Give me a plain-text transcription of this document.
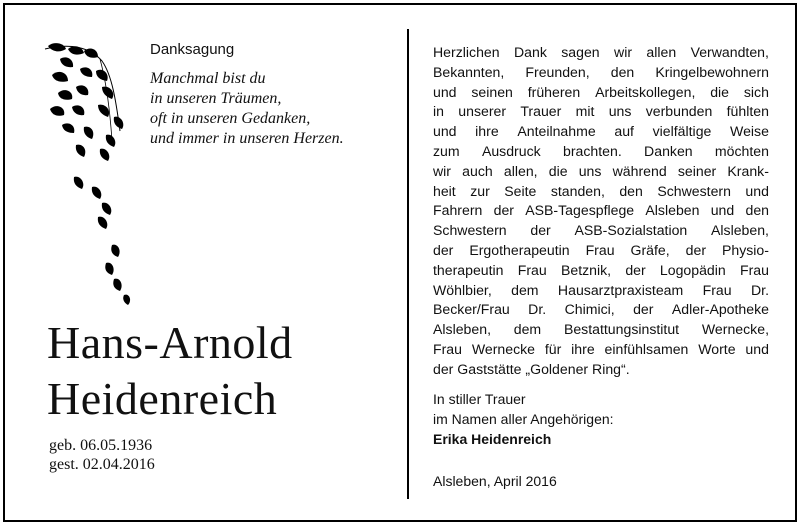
Danksagung
Manchmal bist du
in unseren Träumen,
oft in unseren Gedanken,
und immer in unseren Herzen.
Hans-Arnold
Heidenreich
geb. 06.05.1936
gest. 02.04.2016
Herzlichen Dank sagen wir allen Verwandten,
Bekannten, Freunden, den Kringelbewohnern
und seinen früheren Arbeitskollegen, die sich
in unserer Trauer mit uns verbunden fühlten
und ihre Anteilnahme auf vielfältige Weise
zum Ausdruck brachten. Danken möchten
wir auch allen, die uns während seiner Krank-
heit zur Seite standen, den Schwestern und
Fahrern der ASB-Tagespflege Alsleben und den
Schwestern der ASB-Sozialstation Alsleben,
der Ergotherapeutin Frau Gräfe, der Physio-
therapeutin Frau Betznik, der Logopädin Frau
Wöhlbier, dem Hausarztpraxisteam Frau Dr.
Becker/Frau Dr. Chimici, der Adler-Apotheke
Alsleben, dem Bestattungsinstitut Wernecke,
Frau Wernecke für ihre einfühlsamen Worte und
der Gaststätte „Goldener Ring“.
In stiller Trauer
im Namen aller Angehörigen:
Erika Heidenreich
Alsleben, April 2016
